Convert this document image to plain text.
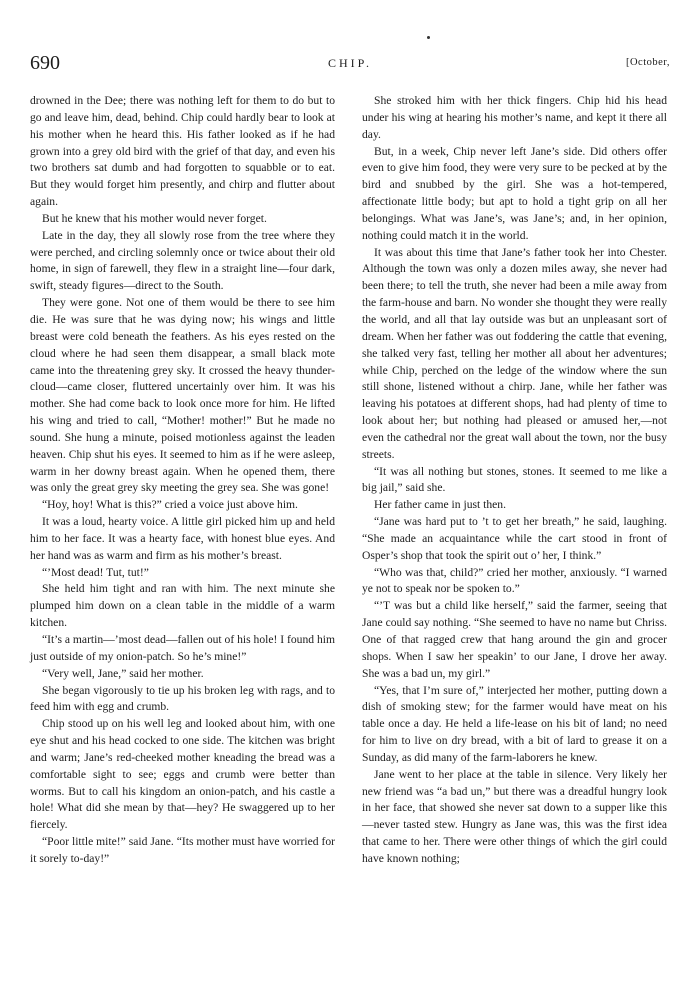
690	CHIP.	[October,

drowned in the Dee; there was nothing left for them to do but to go and leave him, dead, behind. Chip could hardly bear to look at his mother when he heard this. His father looked as if he had grown into a grey old bird with the grief of that day, and even his two brothers sat dumb and had forgotten to squabble or to eat. But they would forget him presently, and chirp and flutter about again.

But he knew that his mother would never forget.

Late in the day, they all slowly rose from the tree where they were perched, and circling solemnly once or twice about their old home, in sign of farewell, they flew in a straight line—four dark, swift, steady figures—direct to the South.

They were gone. Not one of them would be there to see him die. He was sure that he was dying now; his wings and little breast were cold beneath the feathers. As his eyes rested on the cloud where he had seen them disappear, a small black mote came into the threatening grey sky. It crossed the heavy thunder-cloud—came closer, fluttered uncertainly over him. It was his mother. She had come back to look once more for him. He lifted his wing and tried to call, “Mother! mother!” But he made no sound. She hung a minute, poised motionless against the leaden heaven. Chip shut his eyes. It seemed to him as if he were asleep, warm in her downy breast again. When he opened them, there was only the great grey sky meeting the grey sea. She was gone!

“Hoy, hoy! What is this?” cried a voice just above him.

It was a loud, hearty voice. A little girl picked him up and held him to her face. It was a hearty face, with honest blue eyes. And her hand was as warm and firm as his mother’s breast.

“’Most dead! Tut, tut!”

She held him tight and ran with him. The next minute she plumped him down on a clean table in the middle of a warm kitchen.

“It’s a martin—’most dead—fallen out of his hole! I found him just outside of my onion-patch. So he’s mine!”

“Very well, Jane,” said her mother.

She began vigorously to tie up his broken leg with rags, and to feed him with egg and crumb.

Chip stood up on his well leg and looked about him, with one eye shut and his head cocked to one side. The kitchen was bright and warm; Jane’s red-cheeked mother kneading the bread was a comfortable sight to see; eggs and crumb were better than worms. But to call his kingdom an onion-patch, and his castle a hole! What did she mean by that—hey? He swaggered up to her fiercely.

“Poor little mite!” said Jane. “Its mother must have worried for it sorely to-day!”

She stroked him with her thick fingers. Chip hid his head under his wing at hearing his mother’s name, and kept it there all day.

But, in a week, Chip never left Jane’s side. Did others offer even to give him food, they were very sure to be pecked at by the bird and snubbed by the girl. She was a hot-tempered, affectionate little body; but apt to hold a tight grip on all her belongings. What was Jane’s, was Jane’s; and, in her opinion, nothing could match it in the world.

It was about this time that Jane’s father took her into Chester. Although the town was only a dozen miles away, she never had been there; to tell the truth, she never had been a mile away from the farm-house and barn. No wonder she thought they were really the world, and all that lay outside was but an unpleasant sort of dream. When her father was out foddering the cattle that evening, she talked very fast, telling her mother all about her adventures; while Chip, perched on the ledge of the window where the sun still shone, listened without a chirp. Jane, while her father was leaving his potatoes at different shops, had had plenty of time to look about her; but nothing had pleased or amused her,—not even the cathedral nor the great wall about the town, nor the busy streets.

“It was all nothing but stones, stones. It seemed to me like a big jail,” said she.

Her father came in just then.

“Jane was hard put to ’t to get her breath,” he said, laughing. “She made an acquaintance while the cart stood in front of Osper’s shop that took the spirit out o’ her, I think.”

“Who was that, child?” cried her mother, anxiously. “I warned ye not to speak nor be spoken to.”

“’T was but a child like herself,” said the farmer, seeing that Jane could say nothing. “She seemed to have no name but Chriss. One of that ragged crew that hang around the gin and grocer shops. When I saw her speakin’ to our Jane, I drove her away. She was a bad un, my girl.”

“Yes, that I’m sure of,” interjected her mother, putting down a dish of smoking stew; for the farmer would have meat on his table once a day. He held a life-lease on his bit of land; no need for him to live on dry bread, with a bit of lard to grease it on a Sunday, as did many of the farm-laborers he knew.

Jane went to her place at the table in silence. Very likely her new friend was “a bad un,” but there was a dreadful hungry look in her face, that showed she never sat down to a supper like this—never tasted stew. Hungry as Jane was, this was the first idea that came to her. There were other things of which the girl could have known nothing;
